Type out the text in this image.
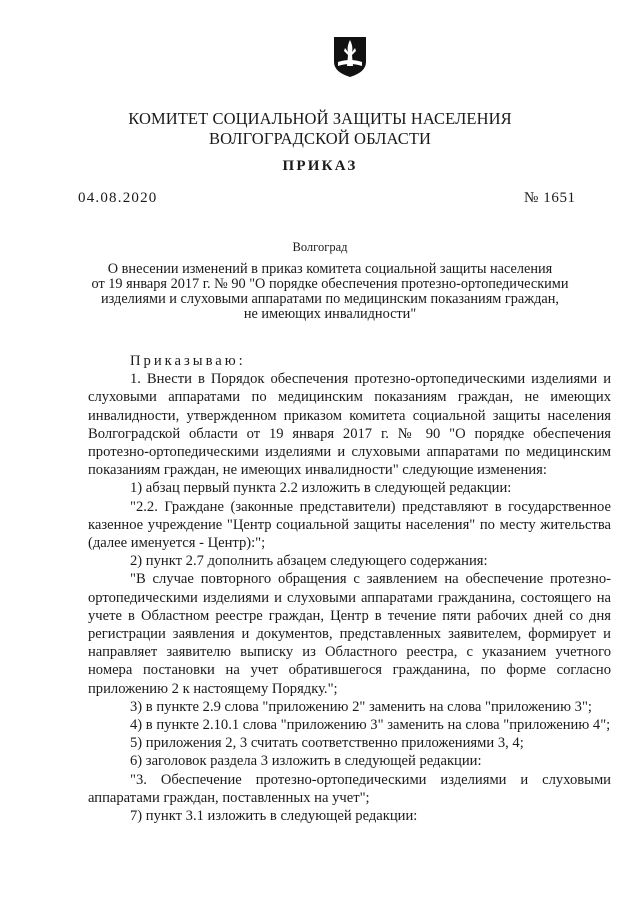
КОМИТЕТ СОЦИАЛЬНОЙ ЗАЩИТЫ НАСЕЛЕНИЯ
ВОЛГОГРАДСКОЙ ОБЛАСТИ
ПРИКАЗ
04.08.2020	№ 1651
Волгоград
О внесении изменений в приказ комитета социальной защиты населения
от 19 января 2017 г. № 90 "О порядке обеспечения протезно-ортопедическими
изделиями и слуховыми аппаратами по медицинским показаниям граждан,
не имеющих инвалидности"

Приказываю:

1. Внести в Порядок обеспечения протезно-ортопедическими изделиями и слуховыми аппаратами по медицинским показаниям граждан, не имеющих инвалидности, утвержденном приказом комитета социальной защиты населения Волгоградской области от 19 января 2017 г. № 90 "О порядке обеспечения протезно-ортопедическими изделиями и слуховыми аппаратами по медицинским показаниям граждан, не имеющих инвалидности" следующие изменения:

1) абзац первый пункта 2.2 изложить в следующей редакции:

"2.2. Граждане (законные представители) представляют в государственное казенное учреждение "Центр социальной защиты населения" по месту жительства (далее именуется - Центр):";

2) пункт 2.7 дополнить абзацем следующего содержания:

"В случае повторного обращения с заявлением на обеспечение протезно-ортопедическими изделиями и слуховыми аппаратами гражданина, состоящего на учете в Областном реестре граждан, Центр в течение пяти рабочих дней со дня регистрации заявления и документов, представленных заявителем, формирует и направляет заявителю выписку из Областного реестра, с указанием учетного номера постановки на учет обратившегося гражданина, по форме согласно приложению 2 к настоящему Порядку.";

3) в пункте 2.9 слова "приложению 2" заменить на слова "приложению 3";

4) в пункте 2.10.1 слова "приложению 3" заменить на слова "приложению 4";

5) приложения 2, 3 считать соответственно приложениями 3, 4;

6) заголовок раздела 3 изложить в следующей редакции:

"3. Обеспечение протезно-ортопедическими изделиями и слуховыми аппаратами граждан, поставленных на учет";

7) пункт 3.1 изложить в следующей редакции:
